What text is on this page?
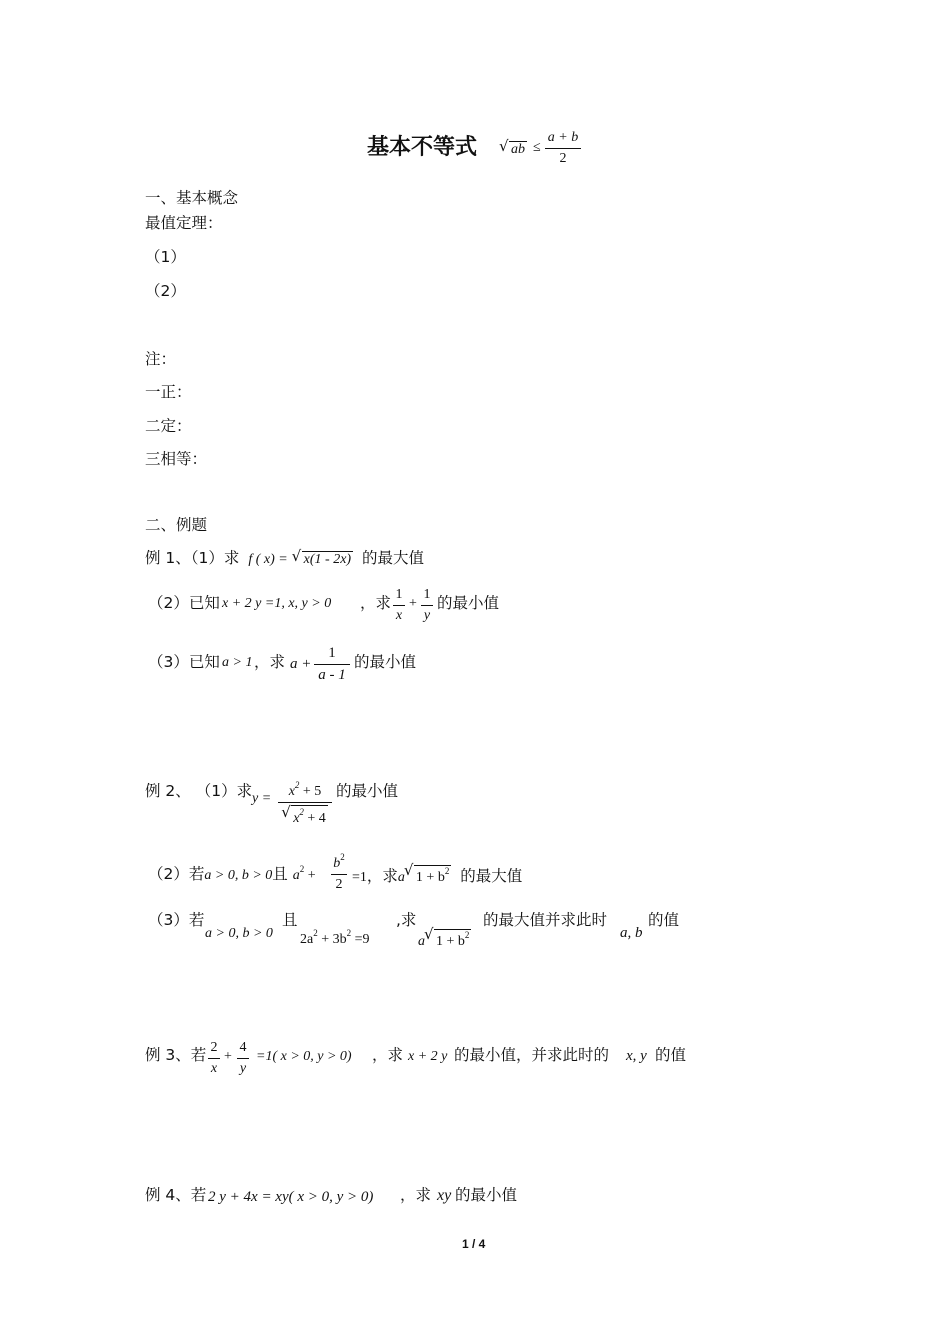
基本不等式	√ ab ≤
a + b
2
一、基本概念
最值定理：
（1）
（2）
注：
一正：
二定：
三相等：
二、例题
例 1、（1）求 f ( x) = √ x(1 - 2x) 的最大值
（2）已知 x + 2 y =1, x, y > 0 ，求 1
x
+
1
y
的最小值
（3）已知 a > 1 ，求 a +
1
a - 1
的最小值
例 2、 （1）求 y =	$x^2 + 5$
√ $x^2 + 4$
的最小值
（2）若a > 0, b > 0且 $a^2$ +
$b^2$
2 =1，求a √ $1 + b^2$ 的最大值
（3）若
a > 0, b > 0
且
$2a^2 + 3b^2 =9$
,求
a √ $1 + b^2$
的最大值并求此时
a, b
的值
例 3、若 2
x
+
4
y
=1( x > 0, y > 0) ，求 x + 2 y 的最小值，并求此时的 x, y 的值
例 4、若 2 y + 4x = xy( x > 0, y > 0) ，求 xy 的最小值
1 / 4
